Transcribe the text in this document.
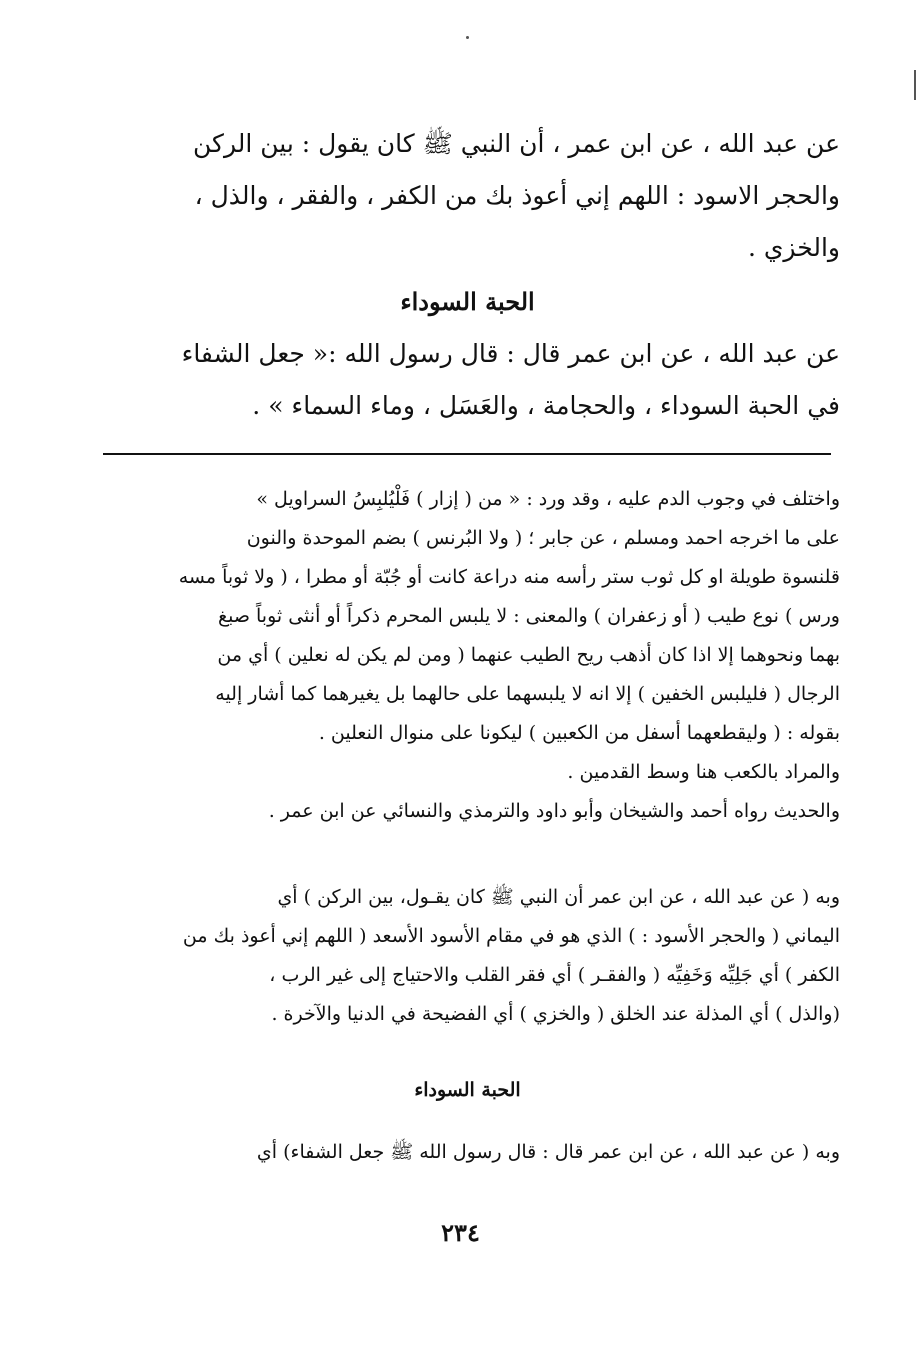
عن عبد الله ، عن ابن عمر ، أن النبي ﷺ كان يقول : بين الركن
والحجر الاسود : اللهم إني أعوذ بك من الكفر ، والفقر ، والذل ،
والخزي .
الحبة السوداء
عن عبد الله ، عن ابن عمر قال : قال رسول الله :« جعل الشفاء
في الحبة السوداء ، والحجامة ، والعَسَل ، وماء السماء » .
واختلف في وجوب الدم عليه ، وقد ورد : « من ( إزار ) فَلْيُلبِسُ السراويل »
على ما اخرجه احمد ومسلم ، عن جابر ؛ ( ولا البُرنس ) بضم الموحدة والنون
قلنسوة طويلة او كل ثوب ستر رأسه منه دراعة كانت أو جُبّة أو مطرا ، ( ولا ثوباً مسه
ورس ) نوع طيب ( أو زعفران ) والمعنى : لا يلبس المحرم ذكراً أو أنثى ثوباً صبغ
بهما ونحوهما إلا اذا كان أذهب ريح الطيب عنهما ( ومن لم يكن له نعلين ) أي من
الرجال ( فليلبس الخفين ) إلا انه لا يلبسهما على حالهما بل يغيرهما كما أشار إليه
بقوله : ( وليقطعهما أسفل من الكعبين ) ليكونا على منوال النعلين .
والمراد بالكعب هنا وسط القدمين .
والحديث رواه أحمد والشيخان وأبو داود والترمذي والنسائي عن ابن عمر .
وبه ( عن عبد الله ، عن ابن عمر أن النبي ﷺ كان يقـول، بين الركن ) أي
اليماني ( والحجر الأسود : ) الذي هو في مقام الأسود الأسعد ( اللهم إني أعوذ بك من
الكفر ) أي جَلِيِّه وَخَفِيِّه ( والفقـر ) أي فقر القلب والاحتياج إلى غير الرب ،
(والذل ) أي المذلة عند الخلق ( والخزي ) أي الفضيحة في الدنيا والآخرة .
الحبة السوداء
وبه ( عن عبد الله ، عن ابن عمر قال : قال رسول الله ﷺ جعل الشفاء) أي
٢٣٤
